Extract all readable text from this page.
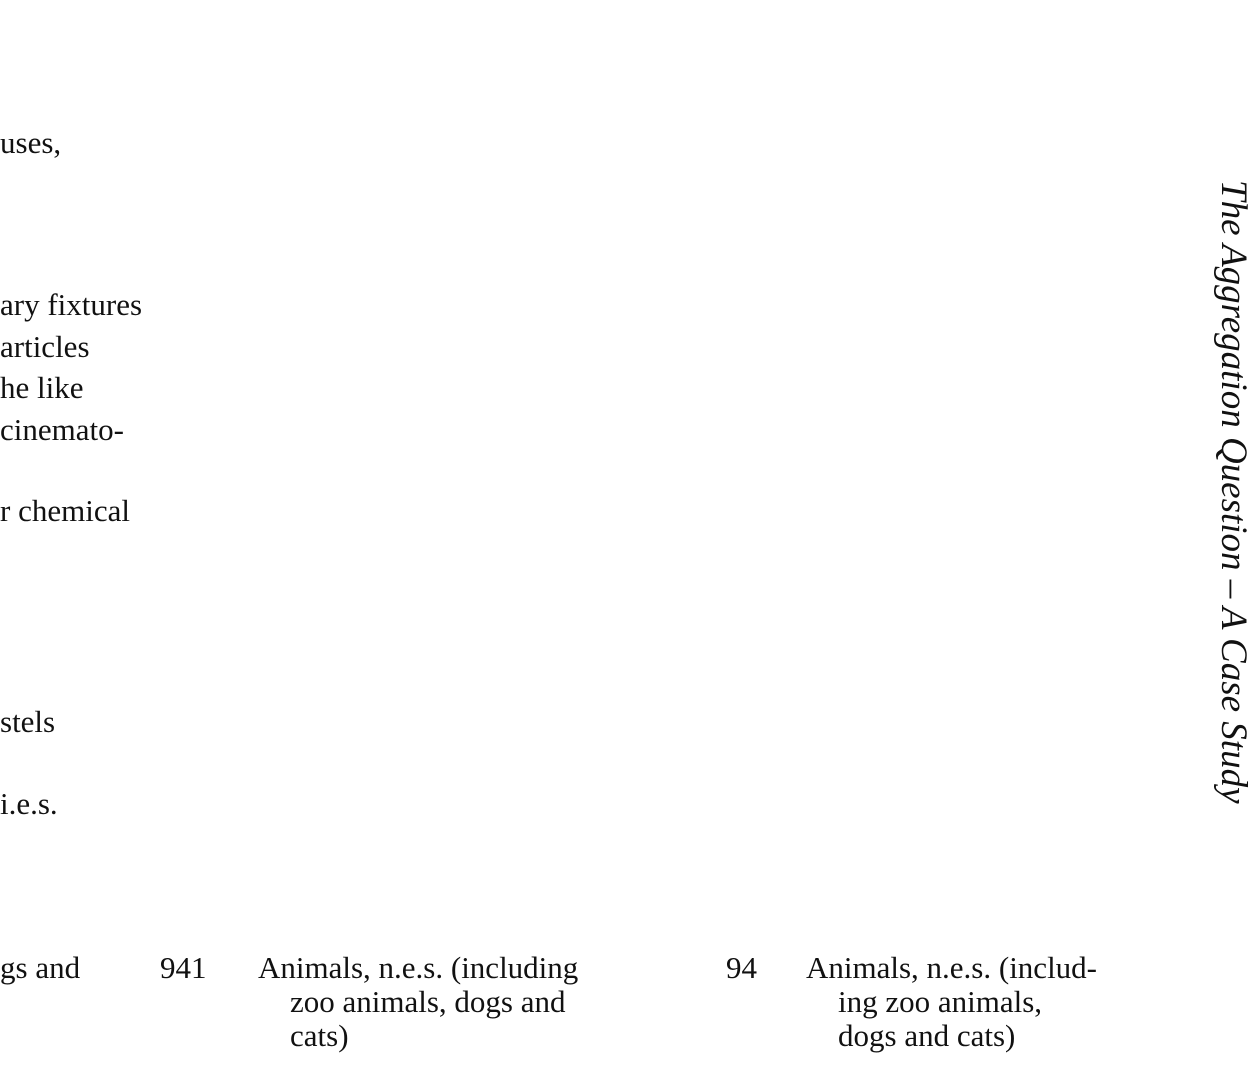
uses,
ary fixtures
articles
he like
cinemato-
r chemical
stels
i.e.s.
gs and	941 Animals, n.e.s. (including
zoo animals, dogs and
cats)
94 Animals, n.e.s. (includ-
ing zoo animals,
dogs and cats)
The Aggregation Question – A Case Study
